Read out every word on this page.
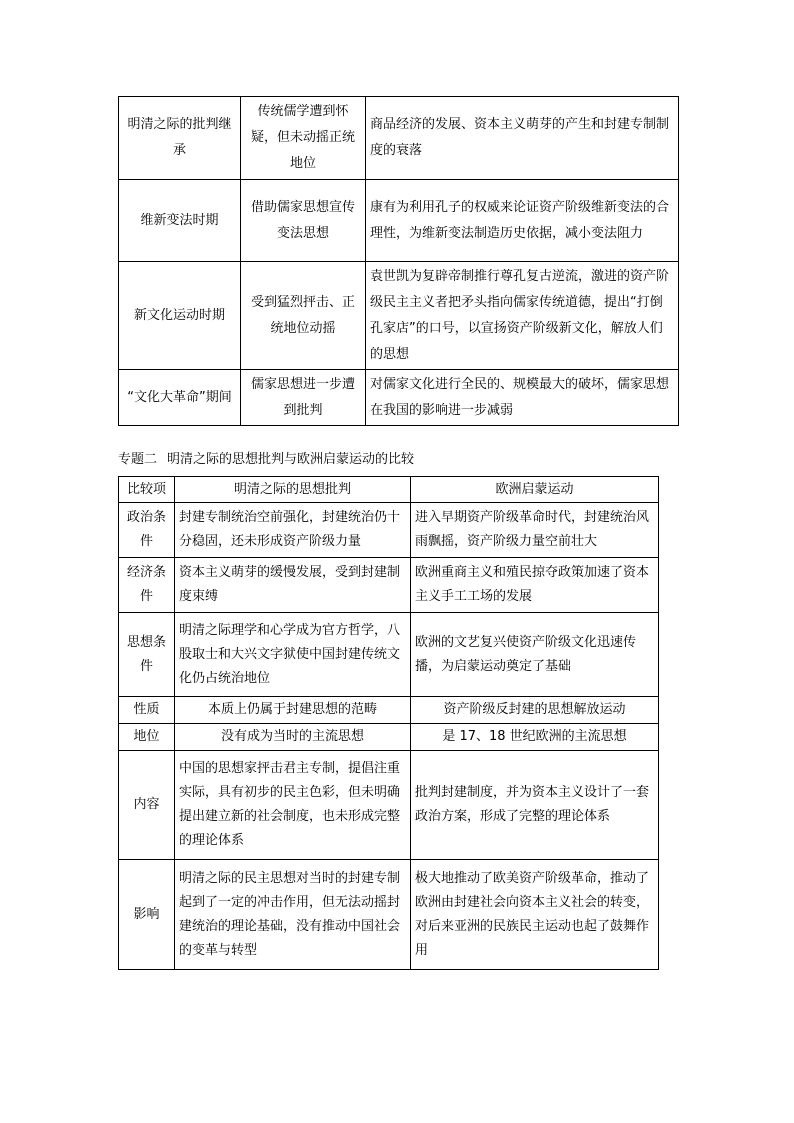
明清之际的批判继承	传统儒学遭到怀疑，但未动摇正统地位	商品经济的发展、资本主义萌芽的产生和封建专制制度的衰落
维新变法时期	借助儒家思想宣传变法思想	康有为利用孔子的权威来论证资产阶级维新变法的合理性，为维新变法制造历史依据，减小变法阻力
新文化运动时期	受到猛烈抨击、正统地位动摇	袁世凯为复辟帝制推行尊孔复古逆流，激进的资产阶级民主主义者把矛头指向儒家传统道德，提出“打倒孔家店”的口号，以宣扬资产阶级新文化，解放人们的思想
“文化大革命”期间	儒家思想进一步遭到批判	对儒家文化进行全民的、规模最大的破坏，儒家思想在我国的影响进一步减弱
专题二 明清之际的思想批判与欧洲启蒙运动的比较
比较项	明清之际的思想批判	欧洲启蒙运动
政治条件	封建专制统治空前强化，封建统治仍十分稳固，还未形成资产阶级力量	进入早期资产阶级革命时代，封建统治风雨飘摇，资产阶级力量空前壮大
经济条件	资本主义萌芽的缓慢发展，受到封建制度束缚	欧洲重商主义和殖民掠夺政策加速了资本主义手工工场的发展
思想条件	明清之际理学和心学成为官方哲学，八股取士和大兴文字狱使中国封建传统文化仍占统治地位	欧洲的文艺复兴使资产阶级文化迅速传播，为启蒙运动奠定了基础
性质	本质上仍属于封建思想的范畴	资产阶级反封建的思想解放运动
地位	没有成为当时的主流思想	是 17、18 世纪欧洲的主流思想
内容	中国的思想家抨击君主专制，提倡注重实际，具有初步的民主色彩，但未明确提出建立新的社会制度，也未形成完整的理论体系	批判封建制度，并为资本主义设计了一套政治方案，形成了完整的理论体系
影响	明清之际的民主思想对当时的封建专制起到了一定的冲击作用，但无法动摇封建统治的理论基础，没有推动中国社会的变革与转型	极大地推动了欧美资产阶级革命，推动了欧洲由封建社会向资本主义社会的转变，对后来亚洲的民族民主运动也起了鼓舞作用
